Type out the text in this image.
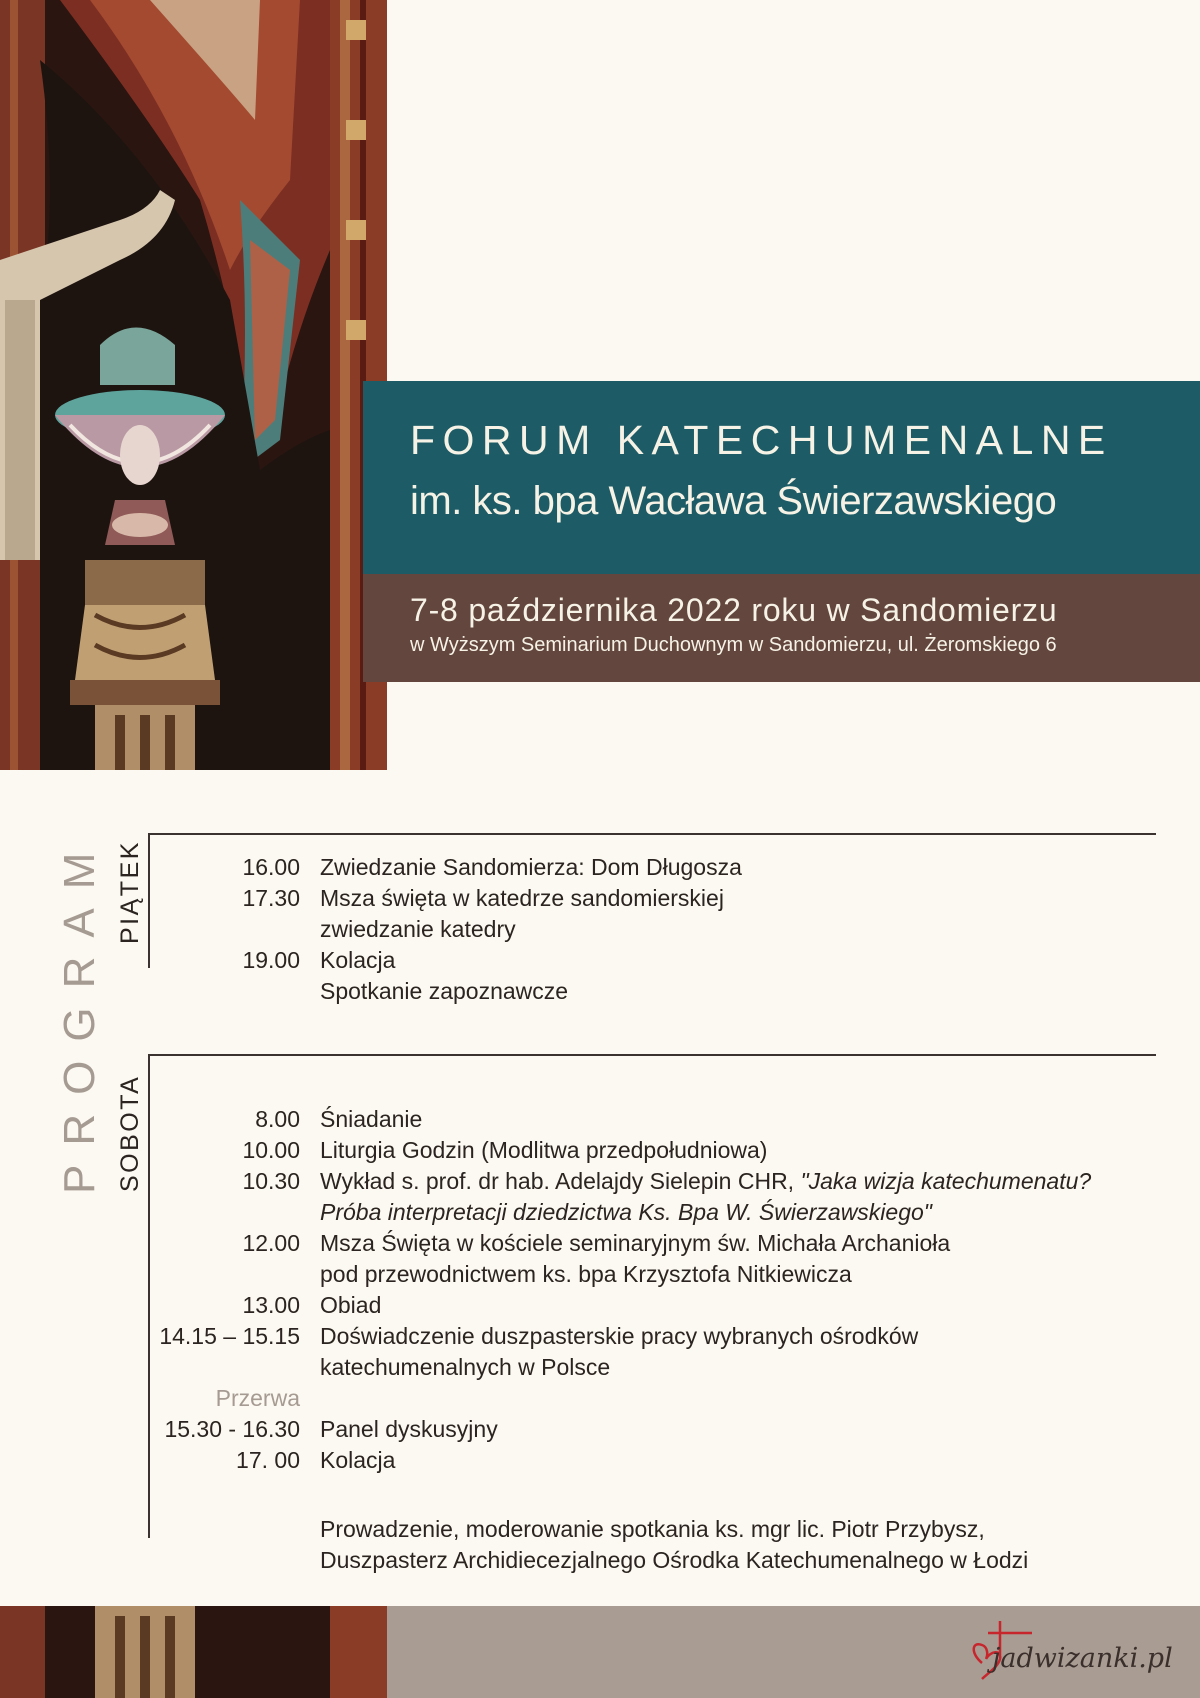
FORUM KATECHUMENALNE
im. ks. bpa Wacława Świerzawskiego
7-8 października 2022 roku w Sandomierzu
w Wyższym Seminarium Duchownym w Sandomierzu, ul. Żeromskiego 6
PROGRAM PIĄTEK
SOBOTA
16.00 Zwiedzanie Sandomierza: Dom Długosza
17.30 Msza święta w katedrze sandomierskiej
zwiedzanie katedry
19.00 Kolacja
Spotkanie zapoznawcze
8.00 Śniadanie
10.00 Liturgia Godzin (Modlitwa przedpołudniowa)
10.30 Wykład s. prof. dr hab. Adelajdy Sielepin CHR, "Jaka wizja katechumenatu?
Próba interpretacji dziedzictwa Ks. Bpa W. Świerzawskiego"
12.00 Msza Święta w kościele seminaryjnym św. Michała Archanioła
pod przewodnictwem ks. bpa Krzysztofa Nitkiewicza
13.00 Obiad
14.15 – 15.15 Doświadczenie duszpasterskie pracy wybranych ośrodków
katechumenalnych w Polsce
Przerwa
15.30 - 16.30 Panel dyskusyjny
17. 00 Kolacja
Prowadzenie, moderowanie spotkania ks. mgr lic. Piotr Przybysz,
Duszpasterz Archidiecezjalnego Ośrodka Katechumenalnego w Łodzi
jadwizanki.pl
